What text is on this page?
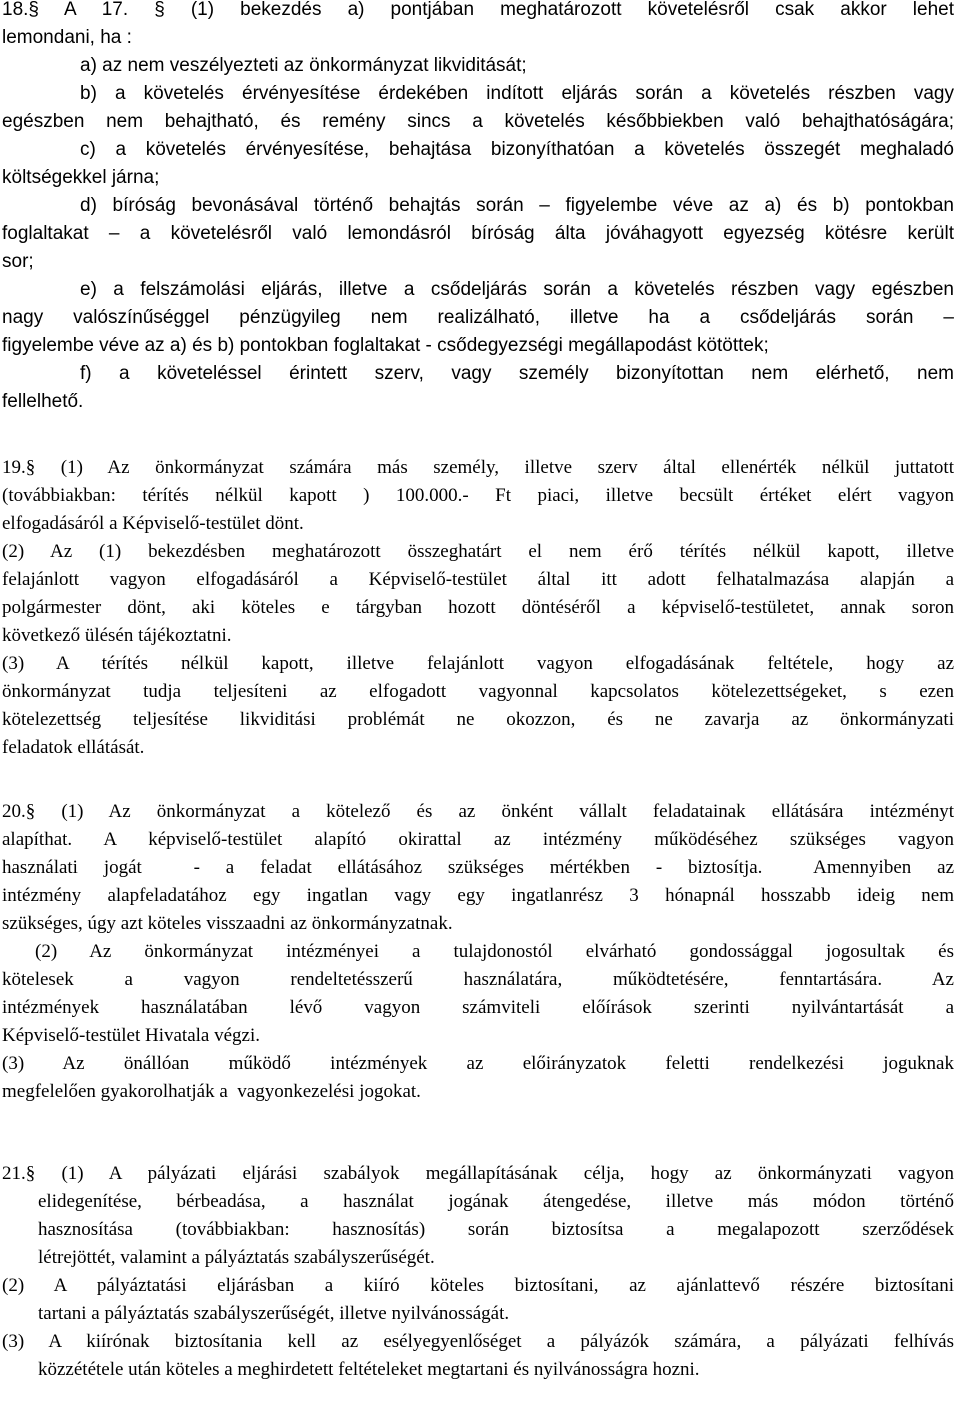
18.§ A 17. § (1) bekezdés a) pontjában meghatározott követelésről csak akkor lehet

lemondani, ha :

a) az nem veszélyezteti az önkormányzat likviditását;

b) a követelés érvényesítése érdekében indított eljárás során a követelés részben vagy

egészben nem behajtható, és remény sincs a követelés későbbiekben való behajthatóságára;

c) a követelés érvényesítése, behajtása bizonyíthatóan a követelés összegét meghaladó

költségekkel járna;

d) bíróság bevonásával történő behajtás során – figyelembe véve az a) és b) pontokban

foglaltakat – a követelésről való lemondásról bíróság álta jóváhagyott egyezség kötésre került

sor;

e) a felszámolási eljárás, illetve a csődeljárás során a követelés részben vagy egészben

nagy valószínűséggel pénzügyileg nem realizálható, illetve ha a csődeljárás során –

figyelembe véve az a) és b) pontokban foglaltakat - csődegyezségi megállapodást kötöttek;

f) a követeléssel érintett szerv, vagy személy bizonyítottan nem elérhető, nem

fellelhető.

19.§ (1) Az önkormányzat számára más személy, illetve szerv által ellenérték nélkül juttatott

(továbbiakban: térítés nélkül kapott ) 100.000.- Ft piaci, illetve becsült értéket elért vagyon

elfogadásáról a Képviselő-testület dönt.

(2) Az (1) bekezdésben meghatározott összeghatárt el nem érő térítés nélkül kapott, illetve

felajánlott vagyon elfogadásáról a Képviselő-testület által itt adott felhatalmazása alapján a

polgármester dönt, aki köteles e tárgyban hozott döntéséről a képviselő-testületet, annak soron

következő ülésén tájékoztatni.

(3) A térítés nélkül kapott, illetve felajánlott vagyon elfogadásának feltétele, hogy az

önkormányzat tudja teljesíteni az elfogadott vagyonnal kapcsolatos kötelezettségeket, s ezen

kötelezettség teljesítése likviditási problémát ne okozzon, és ne zavarja az önkormányzati

feladatok ellátását.

20.§ (1) Az önkormányzat a kötelező és az önként vállalt feladatainak ellátására intézményt

alapíthat. A képviselő-testület alapító okirattal az intézmény működéséhez szükséges vagyon

használati jogát  - a feladat ellátásához szükséges mértékben - biztosítja.  Amennyiben az

intézmény alapfeladatához egy ingatlan vagy egy ingatlanrész 3 hónapnál hosszabb ideig nem

szükséges, úgy azt köteles visszaadni az önkormányzatnak.

(2) Az önkormányzat intézményei a tulajdonostól elvárható gondossággal jogosultak és

kötelesek a vagyon rendeltetésszerű használatára, működtetésére, fenntartására. Az

intézmények használatában lévő vagyon számviteli előírások szerinti nyilvántartását a

Képviselő-testület Hivatala végzi.

(3) Az önállóan működő intézmények az előirányzatok feletti rendelkezési joguknak

megfelelően gyakorolhatják a  vagyonkezelési jogokat.

21.§ (1) A pályázati eljárási szabályok megállapításának célja, hogy az önkormányzati vagyon

elidegenítése, bérbeadása, a használat jogának átengedése, illetve más módon történő

hasznosítása (továbbiakban: hasznosítás) során biztosítsa a megalapozott szerződések

létrejöttét, valamint a pályáztatás szabályszerűségét.

(2) A pályáztatási eljárásban a kiíró köteles biztosítani, az ajánlattevő részére biztosítani

tartani a pályáztatás szabályszerűségét, illetve nyilvánosságát.

(3) A kiírónak biztosítania kell az esélyegyenlőséget a pályázók számára, a pályázati felhívás

közzététele után köteles a meghirdetett feltételeket megtartani és nyilvánosságra hozni.
